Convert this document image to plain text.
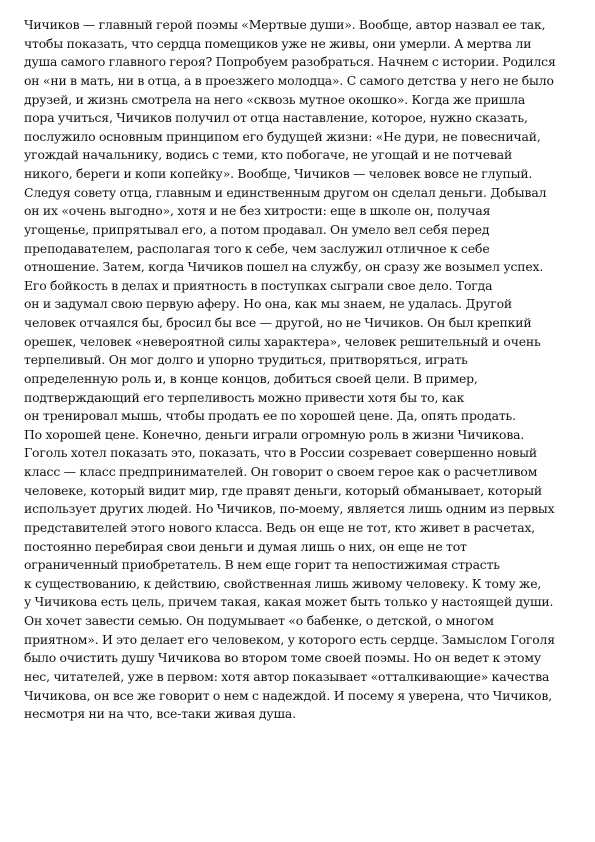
Чичиков — главный герой поэмы «Мертвые души». Вообще, автор назвал ее так,
чтобы показать, что сердца помещиков уже не живы, они умерли. А мертва ли
душа самого главного героя? Попробуем разобраться. Начнем с истории. Родился
он «ни в мать, ни в отца, а в проезжего молодца». С самого детства у него не было
друзей, и жизнь смотрела на него «сквозь мутное окошко». Когда же пришла
пора учиться, Чичиков получил от отца наставление, которое, нужно сказать,
послужило основным принципом его будущей жизни: «Не дури, не повесничай,
угождай начальнику, водись с теми, кто побогаче, не угощай и не потчевай
никого, береги и копи копейку». Вообще, Чичиков — человек вовсе не глупый.
Следуя совету отца, главным и единственным другом он сделал деньги. Добывал
он их «очень выгодно», хотя и не без хитрости: еще в школе он, получая
угощенье, припрятывал его, а потом продавал. Он умело вел себя перед
преподавателем, располагая того к себе, чем заслужил отличное к себе
отношение. Затем, когда Чичиков пошел на службу, он сразу же возымел успех.
Его бойкость в делах и приятность в поступках сыграли свое дело. Тогда
он и задумал свою первую аферу. Но она, как мы знаем, не удалась. Другой
человек отчаялся бы, бросил бы все — другой, но не Чичиков. Он был крепкий
орешек, человек «невероятной силы характера», человек решительный и очень
терпеливый. Он мог долго и упорно трудиться, притворяться, играть
определенную роль и, в конце концов, добиться своей цели. В пример,
подтверждающий его терпеливость можно привести хотя бы то, как
он тренировал мышь, чтобы продать ее по хорошей цене. Да, опять продать.
По хорошей цене. Конечно, деньги играли огромную роль в жизни Чичикова.
Гоголь хотел показать это, показать, что в России созревает совершенно новый
класс — класс предпринимателей. Он говорит о своем герое как о расчетливом
человеке, который видит мир, где правят деньги, который обманывает, который
использует других людей. Но Чичиков, по-моему, является лишь одним из первых
представителей этого нового класса. Ведь он еще не тот, кто живет в расчетах,
постоянно перебирая свои деньги и думая лишь о них, он еще не тот
ограниченный приобретатель. В нем еще горит та непостижимая страсть
к существованию, к действию, свойственная лишь живому человеку. К тому же,
у Чичикова есть цель, причем такая, какая может быть только у настоящей души.
Он хочет завести семью. Он подумывает «о бабенке, о детской, о многом
приятном». И это делает его человеком, у которого есть сердце. Замыслом Гоголя
было очистить душу Чичикова во втором томе своей поэмы. Но он ведет к этому
нес, читателей, уже в первом: хотя автор показывает «отталкивающие» качества
Чичикова, он все же говорит о нем с надеждой. И посему я уверена, что Чичиков,
несмотря ни на что, все-таки живая душа.
